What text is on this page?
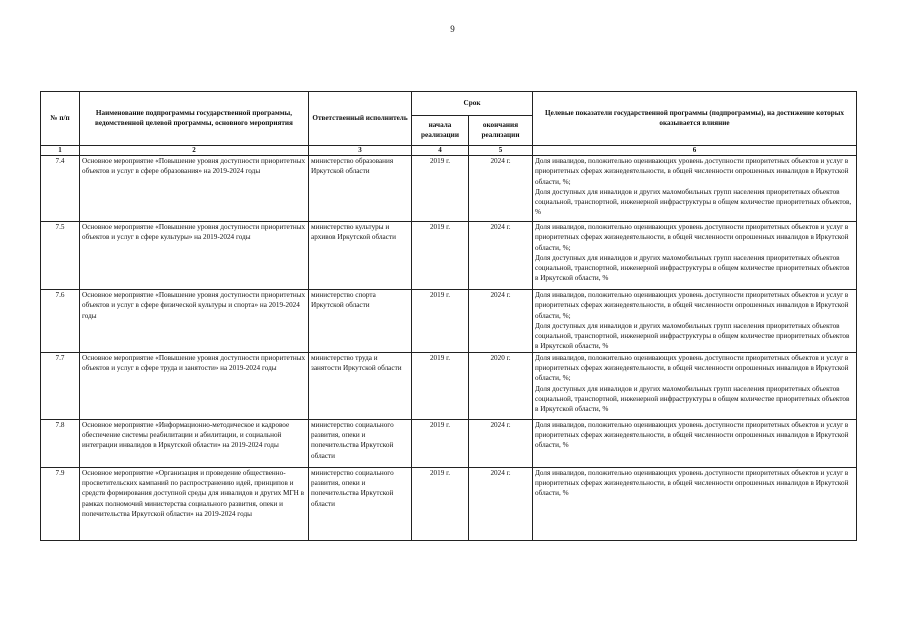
9
№ п/п	Наименование подпрограммы государственной программы, ведомственной целевой программы, основного мероприятия	Ответственный исполнитель	Срок		Целевые показатели государственной программы (подпрограммы), на достижение которых оказывается влияние
			начала реализации	окончания реализации	
1	2	3	4	5	6
7.4	Основное мероприятие «Повышение уровня доступности приоритетных объектов и услуг в сфере образования» на 2019-2024 годы	министерство образования Иркутской области	2019 г.	2024 г.	Доля инвалидов, положительно оценивающих уровень доступности приоритетных объектов и услуг в приоритетных сферах жизнедеятельности, в общей численности опрошенных инвалидов в Иркутской области, %;
Доля доступных для инвалидов и других маломобильных групп населения приоритетных объектов социальной, транспортной, инженерной инфраструктуры в общем количестве приоритетных объектов, %

7.5	Основное мероприятие «Повышение уровня доступности приоритетных объектов и услуг в сфере культуры» на 2019-2024 годы	министерство культуры и архивов Иркутской области	2019 г.	2024 г.	Доля инвалидов, положительно оценивающих уровень доступности приоритетных объектов и услуг в приоритетных сферах жизнедеятельности, в общей численности опрошенных инвалидов в Иркутской области, %;
Доля доступных для инвалидов и других маломобильных групп населения приоритетных объектов социальной, транспортной, инженерной инфраструктуры в общем количестве приоритетных объектов в Иркутской области, %

7.6	Основное мероприятие «Повышение уровня доступности приоритетных объектов и услуг в сфере физической культуры и спорта» на 2019-2024 годы	министерство спорта Иркутской области	2019 г.	2024 г.	Доля инвалидов, положительно оценивающих уровень доступности приоритетных объектов и услуг в приоритетных сферах жизнедеятельности, в общей численности опрошенных инвалидов в Иркутской области, %;
Доля доступных для инвалидов и других маломобильных групп населения приоритетных объектов социальной, транспортной, инженерной инфраструктуры в общем количестве приоритетных объектов в Иркутской области, %

7.7	Основное мероприятие «Повышение уровня доступности приоритетных объектов и услуг в сфере труда и занятости» на 2019-2024 годы	министерство труда и занятости Иркутской области	2019 г.	2020 г.	Доля инвалидов, положительно оценивающих уровень доступности приоритетных объектов и услуг в приоритетных сферах жизнедеятельности, в общей численности опрошенных инвалидов в Иркутской области, %;
Доля доступных для инвалидов и других маломобильных групп населения приоритетных объектов социальной, транспортной, инженерной инфраструктуры в общем количестве приоритетных объектов в Иркутской области, %

7.8	Основное мероприятие «Информационно-методическое и кадровое обеспечение системы реабилитации и абилитации, и социальной интеграции инвалидов в Иркутской области» на 2019-2024 годы	министерство социального развития, опеки и попечительства Иркутской области	2019 г.	2024 г.	Доля инвалидов, положительно оценивающих уровень доступности приоритетных объектов и услуг в приоритетных сферах жизнедеятельности, в общей численности опрошенных инвалидов в Иркутской области, %

7.9	Основное мероприятие «Организация и проведение общественно-просветительских кампаний по распространению идей, принципов и средств формирования доступной среды для инвалидов и других МГН в рамках полномочий министерства социального развития, опеки и попечительства Иркутской области» на 2019-2024 годы	министерство социального развития, опеки и попечительства Иркутской области	2019 г.	2024 г.	Доля инвалидов, положительно оценивающих уровень доступности приоритетных объектов и услуг в приоритетных сферах жизнедеятельности, в общей численности опрошенных инвалидов в Иркутской области, %
